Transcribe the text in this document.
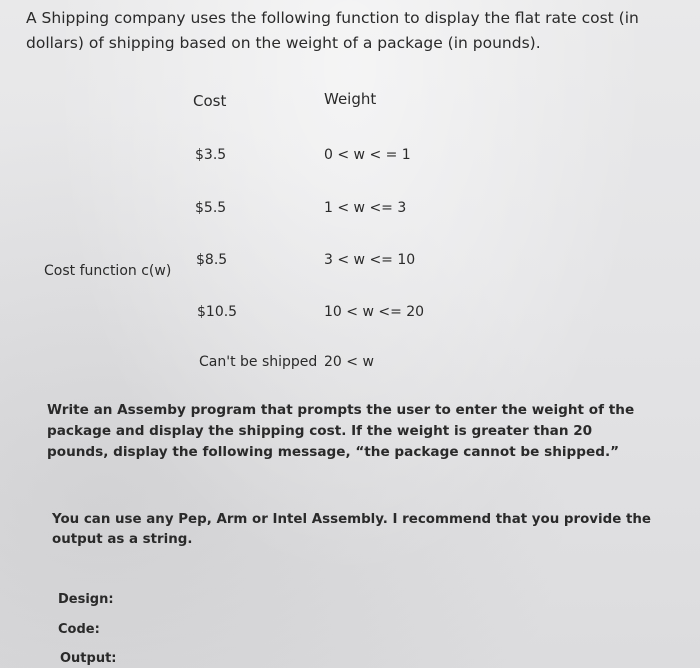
A Shipping company uses the following function to display the flat rate cost (in dollars) of shipping based on the weight of a package (in pounds).

Cost	Weight
$3.5	0 < w < = 1
$5.5	1 < w <= 3
Cost function c(w)
$8.5	3 < w <= 10
$10.5	10 < w <= 20
Can't be shipped 20 < w

Write an Assemby program that prompts the user to enter the weight of the package and display the shipping cost. If the weight is greater than 20 pounds, display the following message, “the package cannot be shipped.”

You can use any Pep, Arm or Intel Assembly. I recommend that you provide the output as a string.

Design:
Code:
Output:
